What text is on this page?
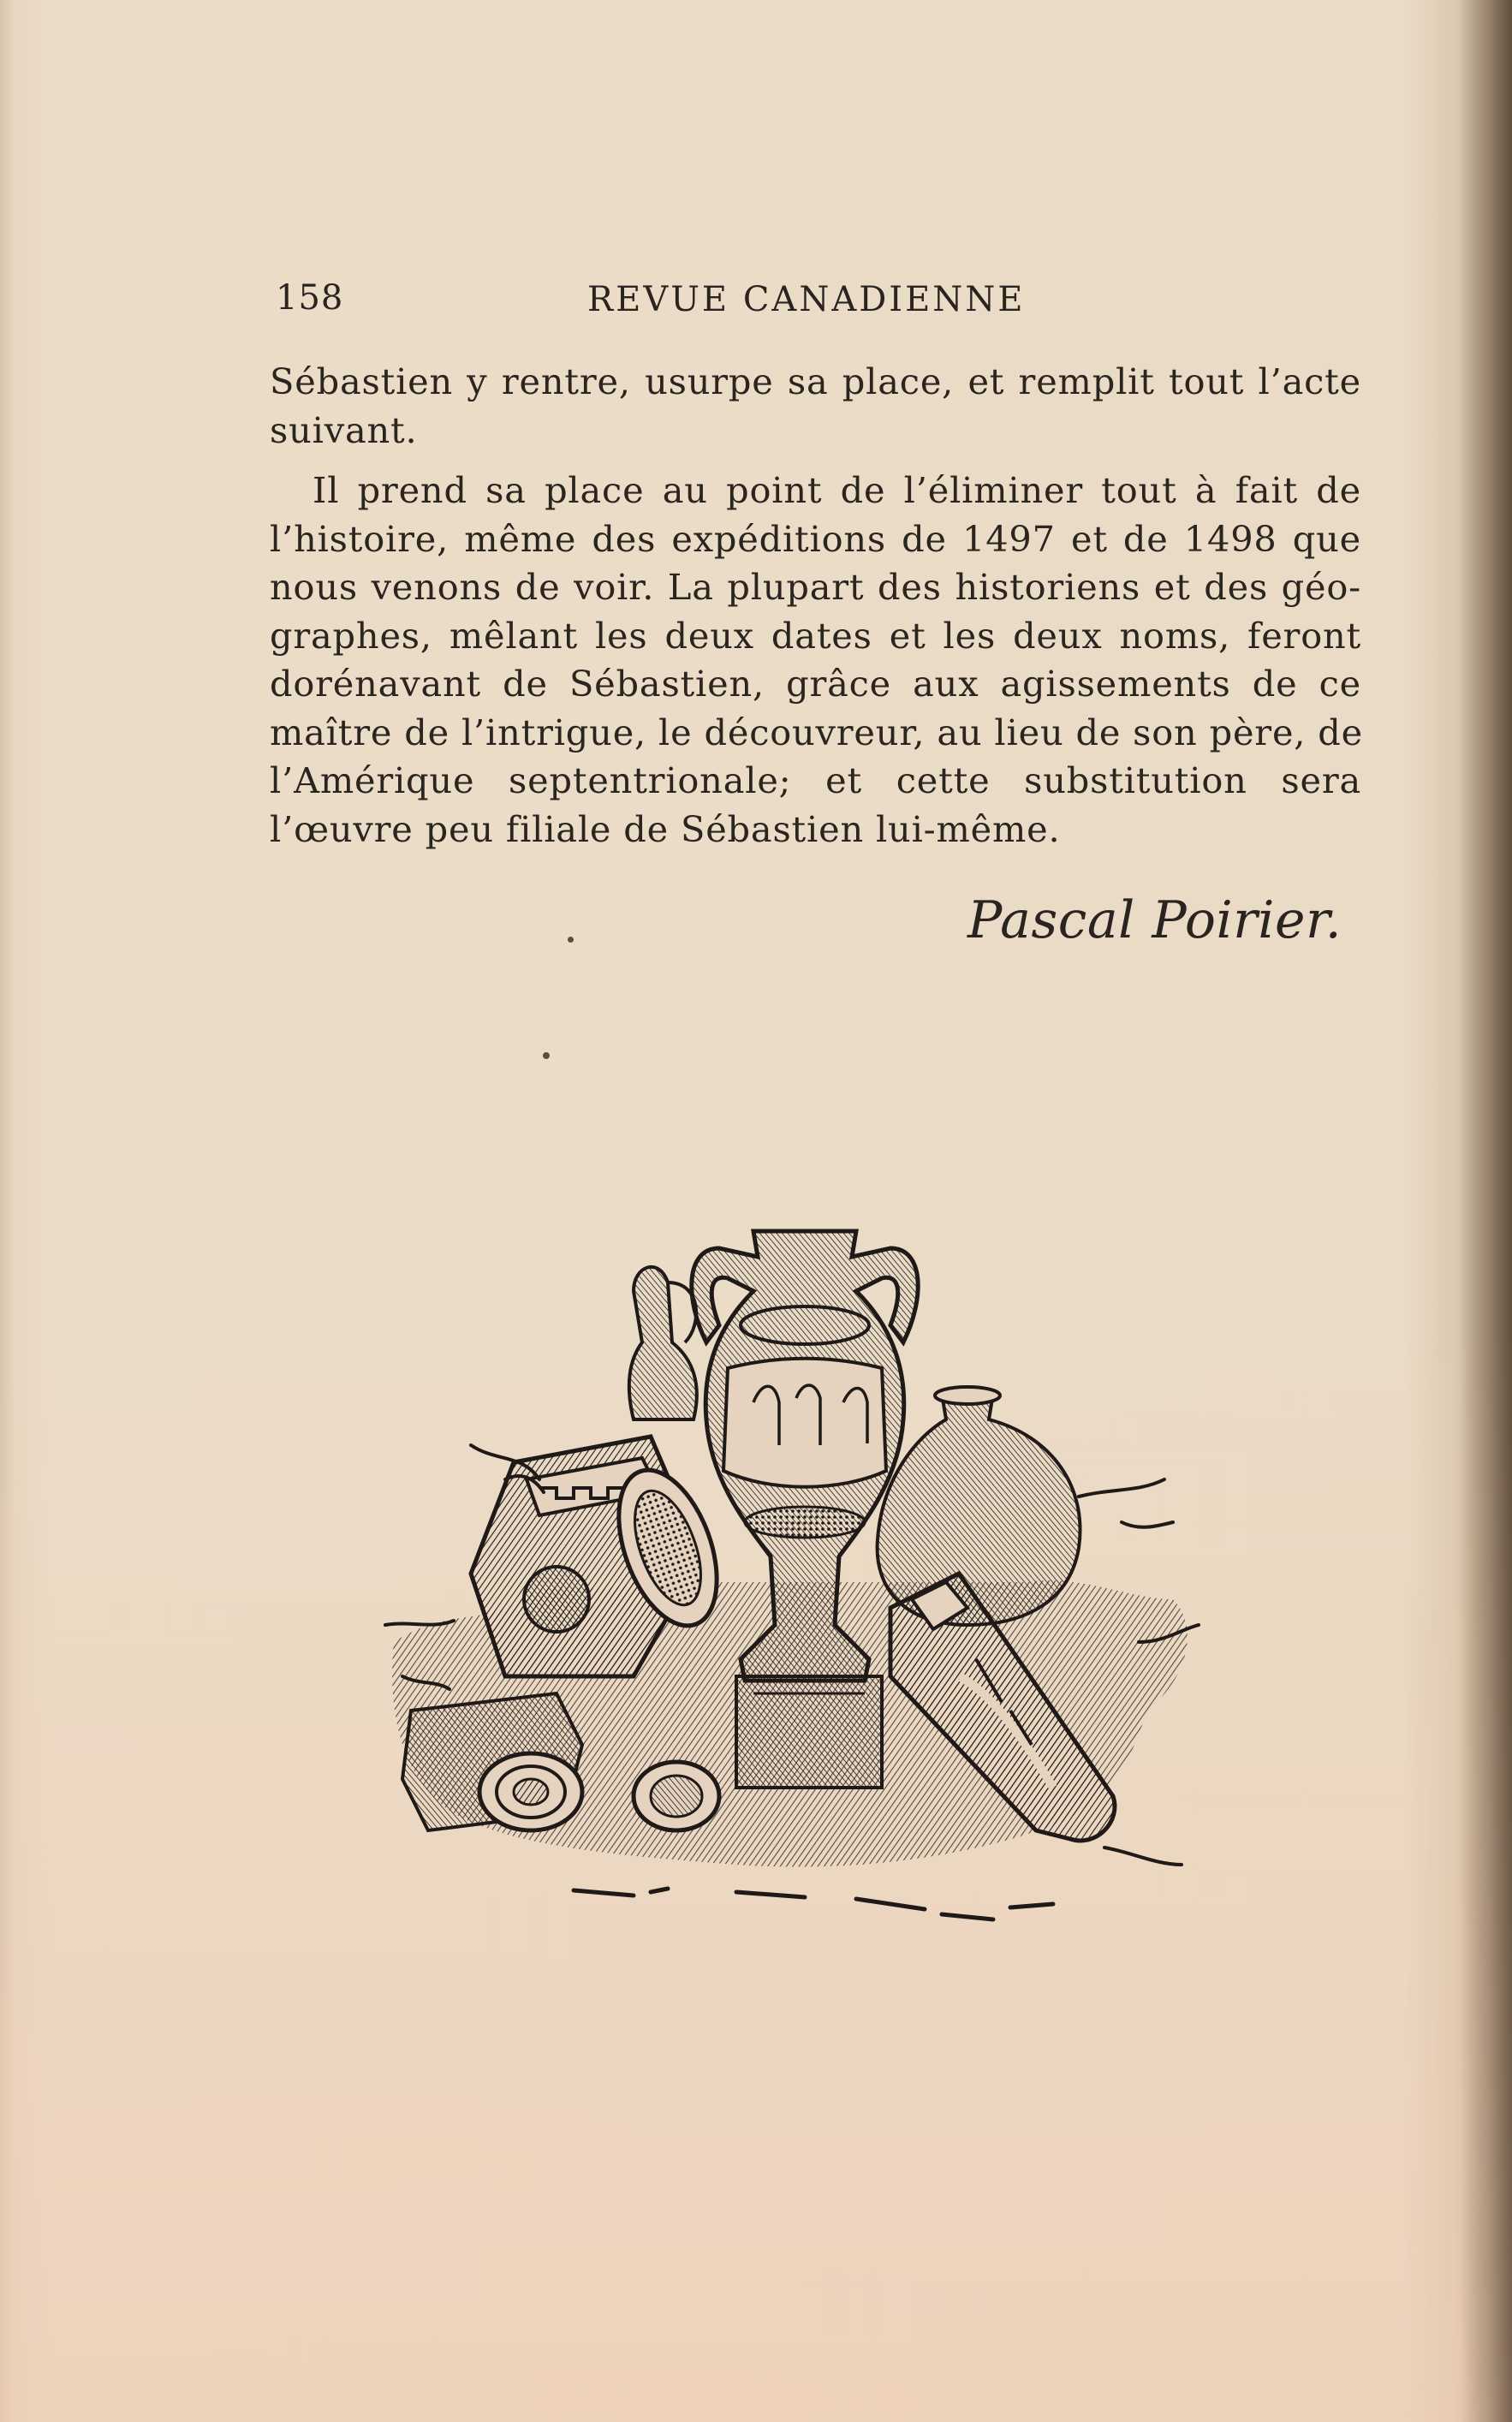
158	REVUE CANADIENNE
Sébastien y rentre, usurpe sa place, et remplit tout l’acte
suivant.
Il prend sa place au point de l’éliminer tout à fait de
l’histoire, même des expéditions de 1497 et de 1498 que
nous venons de voir. La plupart des historiens et des géo-
graphes, mêlant les deux dates et les deux noms, feront
dorénavant de Sébastien, grâce aux agissements de ce
maître de l’intrigue, le découvreur, au lieu de son père, de
l’Amérique septentrionale; et cette substitution sera
l’œuvre peu filiale de Sébastien lui-même.
Pascal Poirier.
